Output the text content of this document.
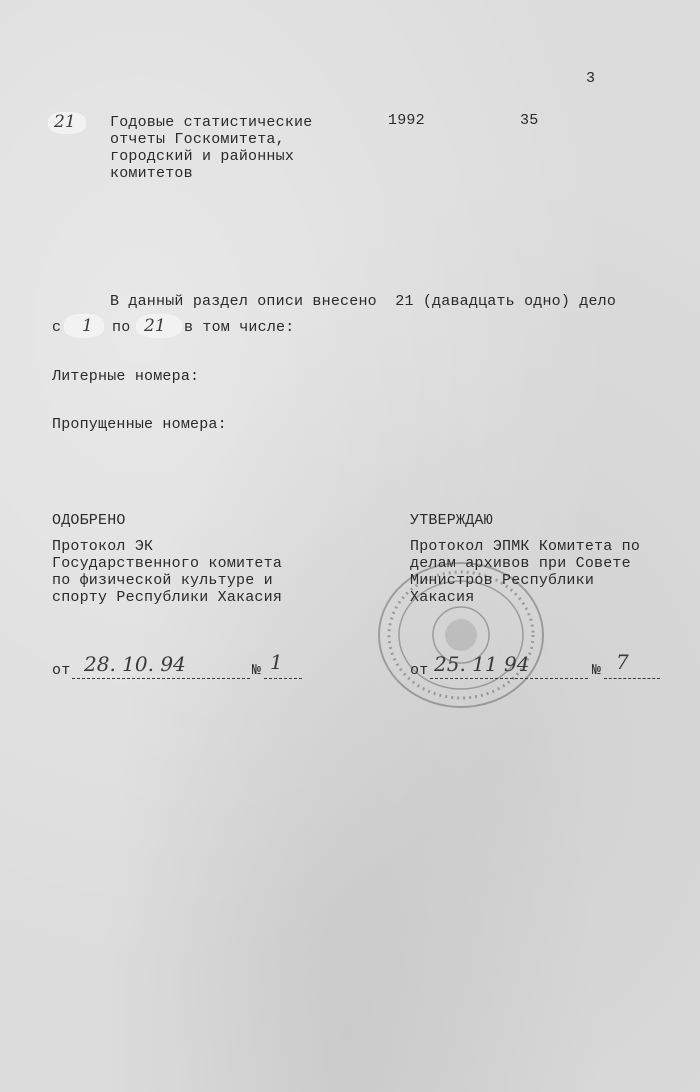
3
21 Годовые статистические
отчеты Госкомитета,
городский и районных
комитетов
1992	35
В данный раздел описи внесено  21 (давадцать одно) дело
с 1 по 21 в том числе:
Литерные номера:
Пропущенные номера:
ОДОБРЕНО
Протокол ЭК
Государственного комитета
по физической культуре и
спорту Республики Хакасия
от 28. 10. 94	№ 1
УТВЕРЖДАЮ
Протокол ЭПМК Комитета по
делам архивов при Совете
Министров Республики
Хакасия
от 25. 11 94	№ 7
